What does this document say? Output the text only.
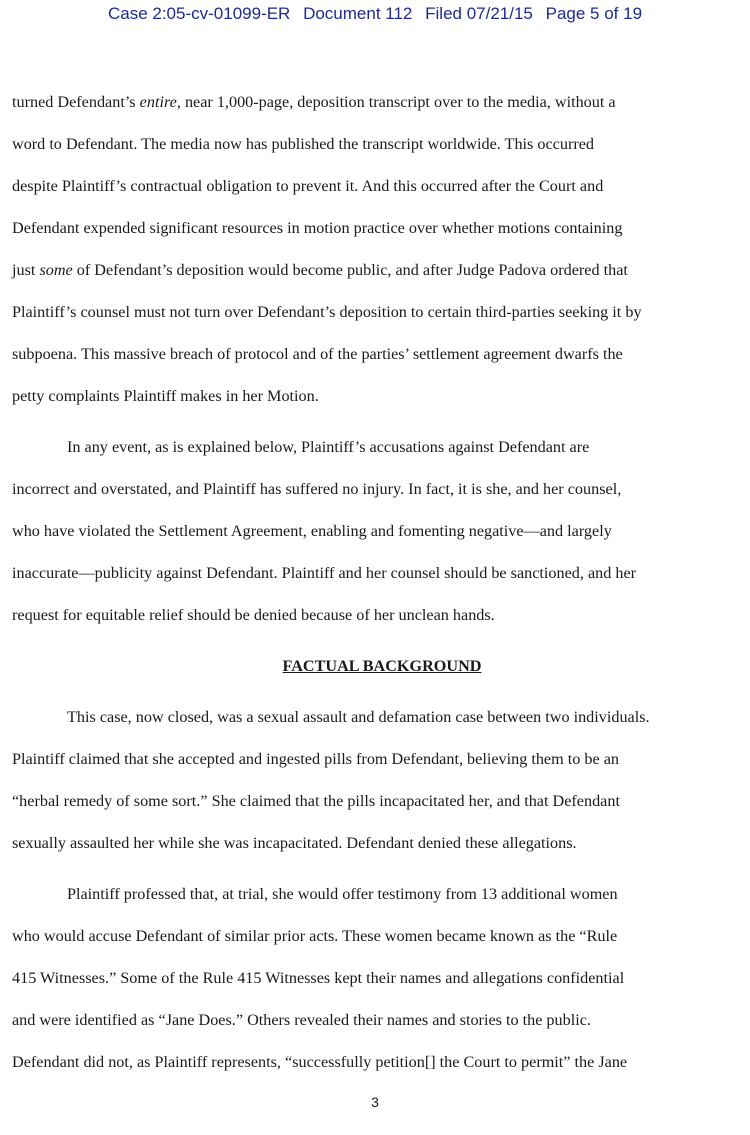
Case 2:05-cv-01099-ER Document 112 Filed 07/21/15 Page 5 of 19
turned Defendant’s entire, near 1,000-page, deposition transcript over to the media, without a
word to Defendant. The media now has published the transcript worldwide. This occurred
despite Plaintiff’s contractual obligation to prevent it. And this occurred after the Court and
Defendant expended significant resources in motion practice over whether motions containing
just some of Defendant’s deposition would become public, and after Judge Padova ordered that
Plaintiff’s counsel must not turn over Defendant’s deposition to certain third-parties seeking it by
subpoena. This massive breach of protocol and of the parties’ settlement agreement dwarfs the
petty complaints Plaintiff makes in her Motion.
In any event, as is explained below, Plaintiff’s accusations against Defendant are
incorrect and overstated, and Plaintiff has suffered no injury. In fact, it is she, and her counsel,
who have violated the Settlement Agreement, enabling and fomenting negative—and largely
inaccurate—publicity against Defendant. Plaintiff and her counsel should be sanctioned, and her
request for equitable relief should be denied because of her unclean hands.
FACTUAL BACKGROUND
This case, now closed, was a sexual assault and defamation case between two individuals.
Plaintiff claimed that she accepted and ingested pills from Defendant, believing them to be an
“herbal remedy of some sort.” She claimed that the pills incapacitated her, and that Defendant
sexually assaulted her while she was incapacitated. Defendant denied these allegations.
Plaintiff professed that, at trial, she would offer testimony from 13 additional women
who would accuse Defendant of similar prior acts. These women became known as the “Rule
415 Witnesses.” Some of the Rule 415 Witnesses kept their names and allegations confidential
and were identified as “Jane Does.” Others revealed their names and stories to the public.
Defendant did not, as Plaintiff represents, “successfully petition[] the Court to permit” the Jane
3
